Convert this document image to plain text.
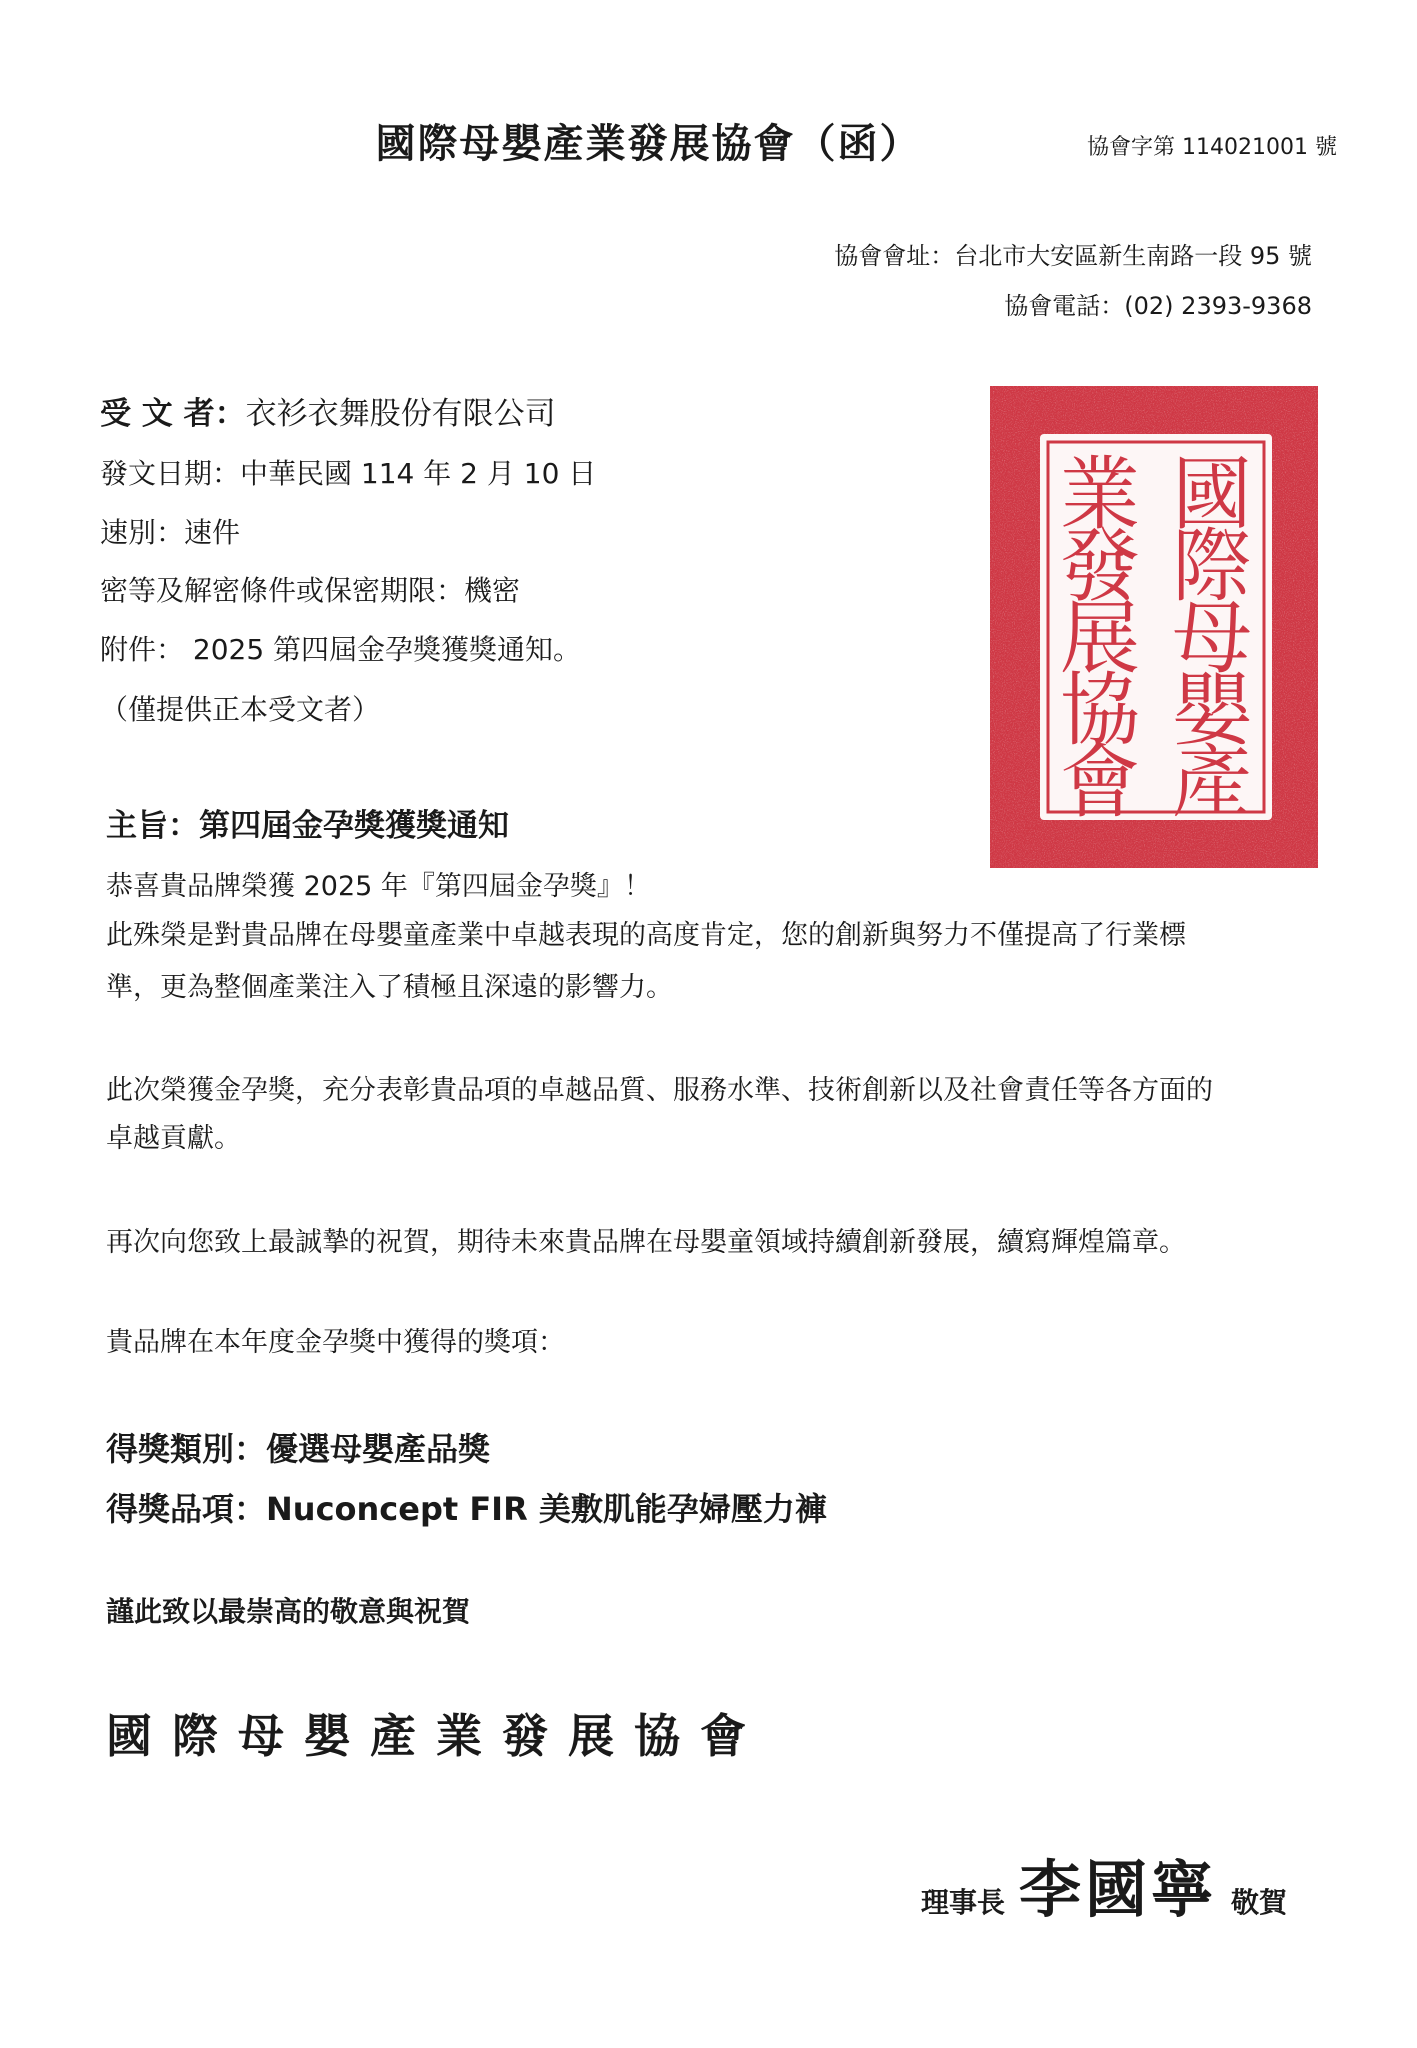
國際母嬰產業發展協會（函）	協會字第 114021001 號
協會會址：台北市大安區新生南路一段 95 號
協會電話：(02) 2393-9368
受 文 者：衣衫衣舞股份有限公司
發文日期：中華民國 114 年 2 月 10 日
速別：速件
密等及解密條件或保密期限：機密
附件： 2025 第四屆金孕獎獲獎通知。
（僅提供正本受文者）
國
際
母
嬰
產
業
發
展
協
會
主旨：第四屆金孕獎獲獎通知
恭喜貴品牌榮獲 2025 年『第四屆金孕獎』！
此殊榮是對貴品牌在母嬰童產業中卓越表現的高度肯定，您的創新與努力不僅提高了行業標
準，更為整個產業注入了積極且深遠的影響力。
此次榮獲金孕獎，充分表彰貴品項的卓越品質、服務水準、技術創新以及社會責任等各方面的
卓越貢獻。
再次向您致上最誠摯的祝賀，期待未來貴品牌在母嬰童領域持續創新發展，續寫輝煌篇章。
貴品牌在本年度金孕獎中獲得的獎項：
得獎類別：優選母嬰產品獎
得獎品項：Nuconcept FIR 美敷肌能孕婦壓力褲
謹此致以最崇高的敬意與祝賀
國際母嬰產業發展協會
理事長 李國寧 敬賀
